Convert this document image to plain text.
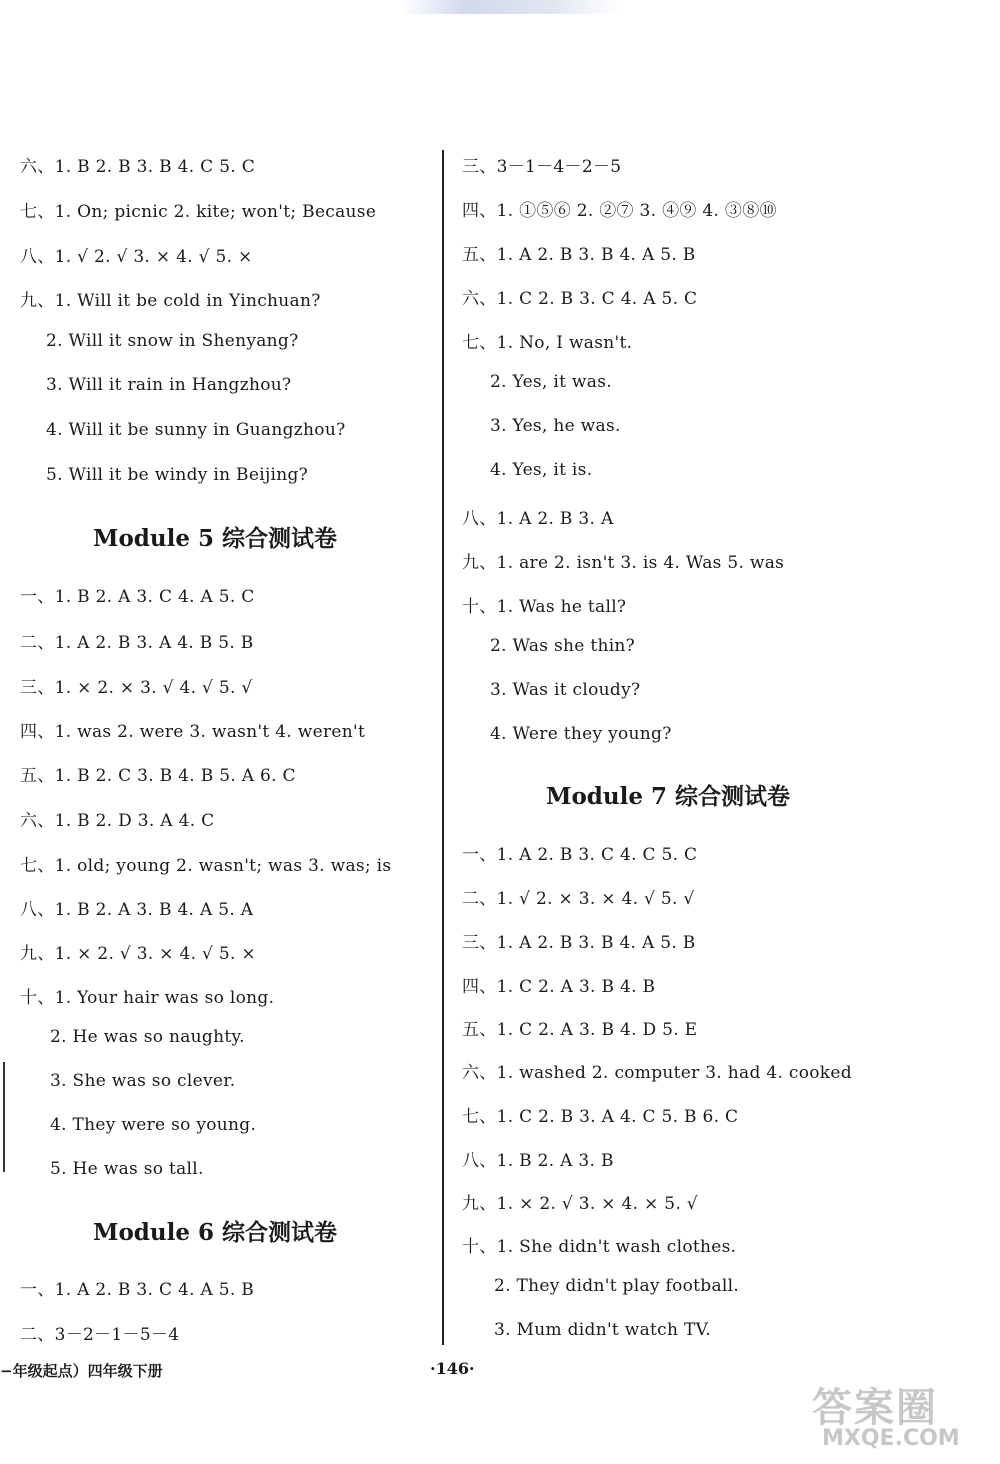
六、1. B 2. B 3. B 4. C 5. C
七、1. On; picnic 2. kite; won't; Because
八、1. √ 2. √ 3. × 4. √ 5. ×
九、1. Will it be cold in Yinchuan?
2. Will it snow in Shenyang?
3. Will it rain in Hangzhou?
4. Will it be sunny in Guangzhou?
5. Will it be windy in Beijing?
Module 5 综合测试卷
一、1. B 2. A 3. C 4. A 5. C
二、1. A 2. B 3. A 4. B 5. B
三、1. × 2. × 3. √ 4. √ 5. √
四、1. was 2. were 3. wasn't 4. weren't
五、1. B 2. C 3. B 4. B 5. A 6. C
六、1. B 2. D 3. A 4. C
七、1. old; young 2. wasn't; was 3. was; is
八、1. B 2. A 3. B 4. A 5. A
九、1. × 2. √ 3. × 4. √ 5. ×
十、1. Your hair was so long.
2. He was so naughty.
3. She was so clever.
4. They were so young.
5. He was so tall.
Module 6 综合测试卷
一、1. A 2. B 3. C 4. A 5. B
二、3－2－1－5－4
三、3－1－4－2－5
四、1. ①⑤⑥ 2. ②⑦ 3. ④⑨ 4. ③⑧⑩
五、1. A 2. B 3. B 4. A 5. B
六、1. C 2. B 3. C 4. A 5. C
七、1. No, I wasn't.
2. Yes, it was.
3. Yes, he was.
4. Yes, it is.
八、1. A 2. B 3. A
九、1. are 2. isn't 3. is 4. Was 5. was
十、1. Was he tall?
2. Was she thin?
3. Was it cloudy?
4. Were they young?
Module 7 综合测试卷
一、1. A 2. B 3. C 4. C 5. C
二、1. √ 2. × 3. × 4. √ 5. √
三、1. A 2. B 3. B 4. A 5. B
四、1. C 2. A 3. B 4. B
五、1. C 2. A 3. B 4. D 5. E
六、1. washed 2. computer 3. had 4. cooked
七、1. C 2. B 3. A 4. C 5. B 6. C
八、1. B 2. A 3. B
九、1. × 2. √ 3. × 4. × 5. √
十、1. She didn't wash clothes.
2. They didn't play football.
3. Mum didn't watch TV.
−年级起点）四年级下册	·146·
答案圈
MXQE.COM
